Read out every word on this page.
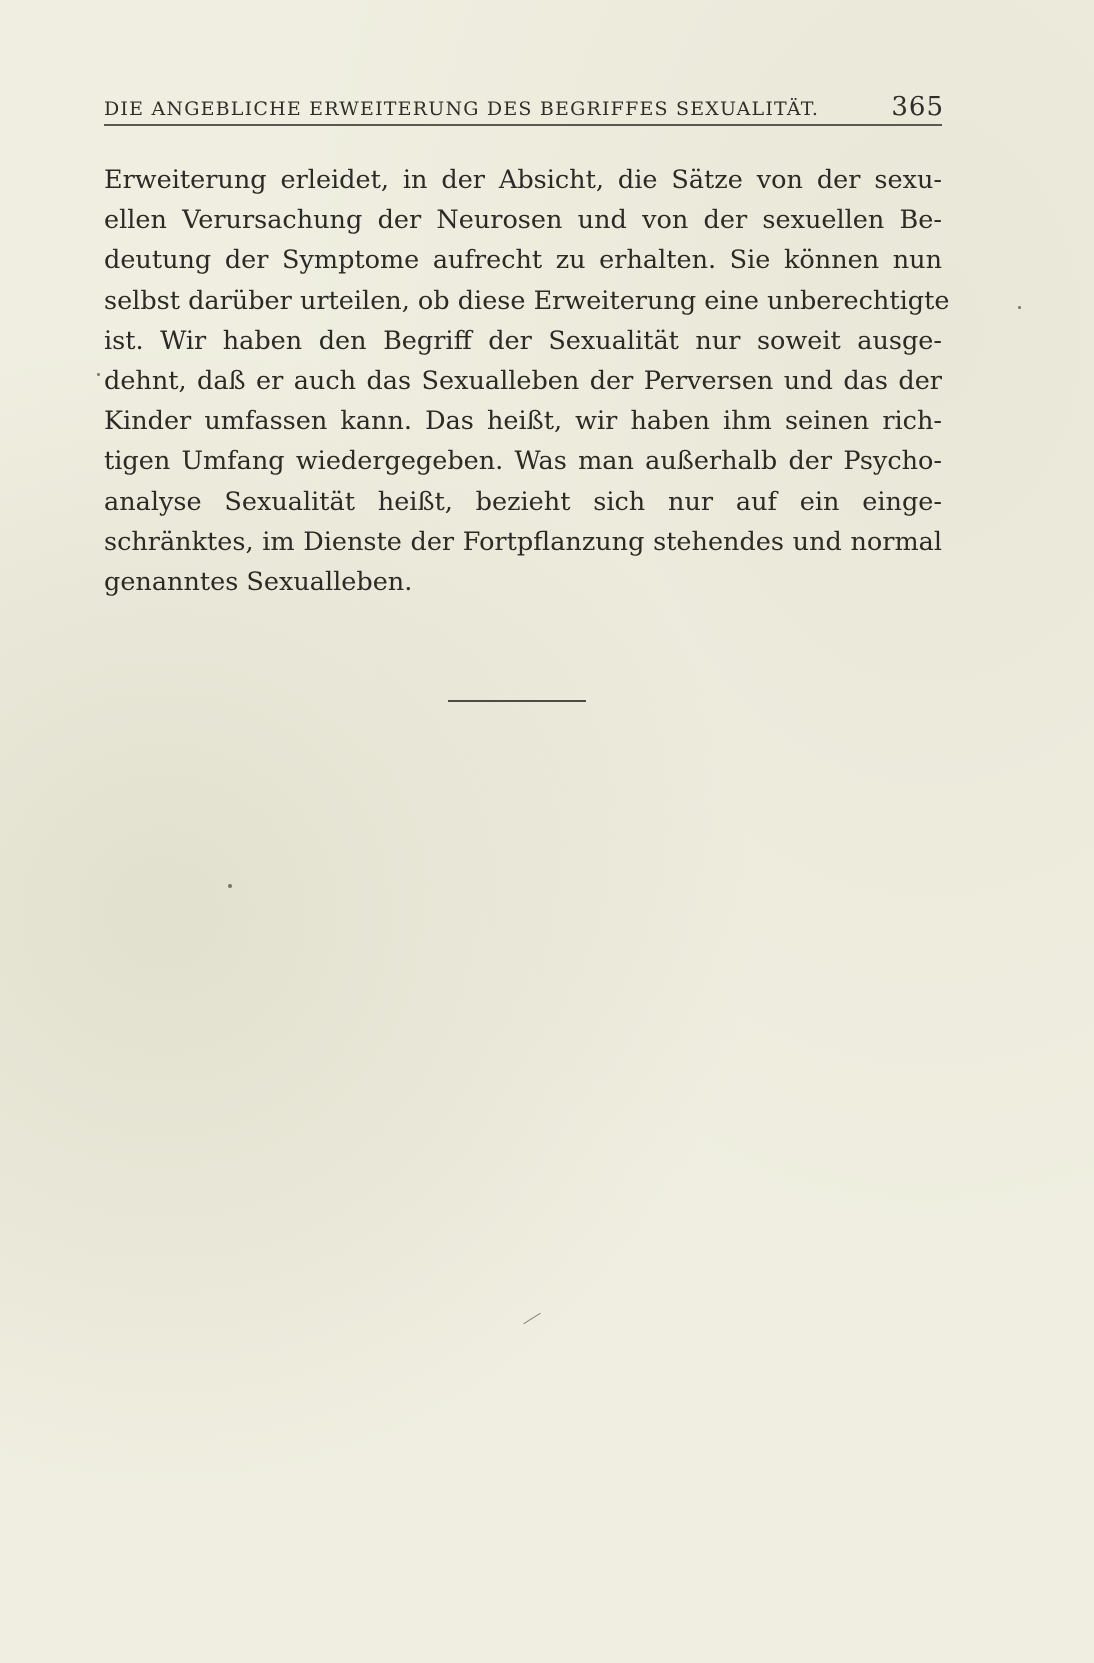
DIE ANGEBLICHE ERWEITERUNG DES BEGRIFFES SEXUALITÄT.	365
Erweiterung erleidet, in der Absicht, die Sätze von der sexu-
ellen Verursachung der Neurosen und von der sexuellen Be-
deutung der Symptome aufrecht zu erhalten. Sie können nun
selbst darüber urteilen, ob diese Erweiterung eine unberechtigte
ist. Wir haben den Begriff der Sexualität nur soweit ausge-
dehnt, daß er auch das Sexualleben der Perversen und das der
Kinder umfassen kann. Das heißt, wir haben ihm seinen rich-
tigen Umfang wiedergegeben. Was man außerhalb der Psycho-
analyse Sexualität heißt, bezieht sich nur auf ein einge-
schränktes, im Dienste der Fortpflanzung stehendes und normal
genanntes Sexualleben.
